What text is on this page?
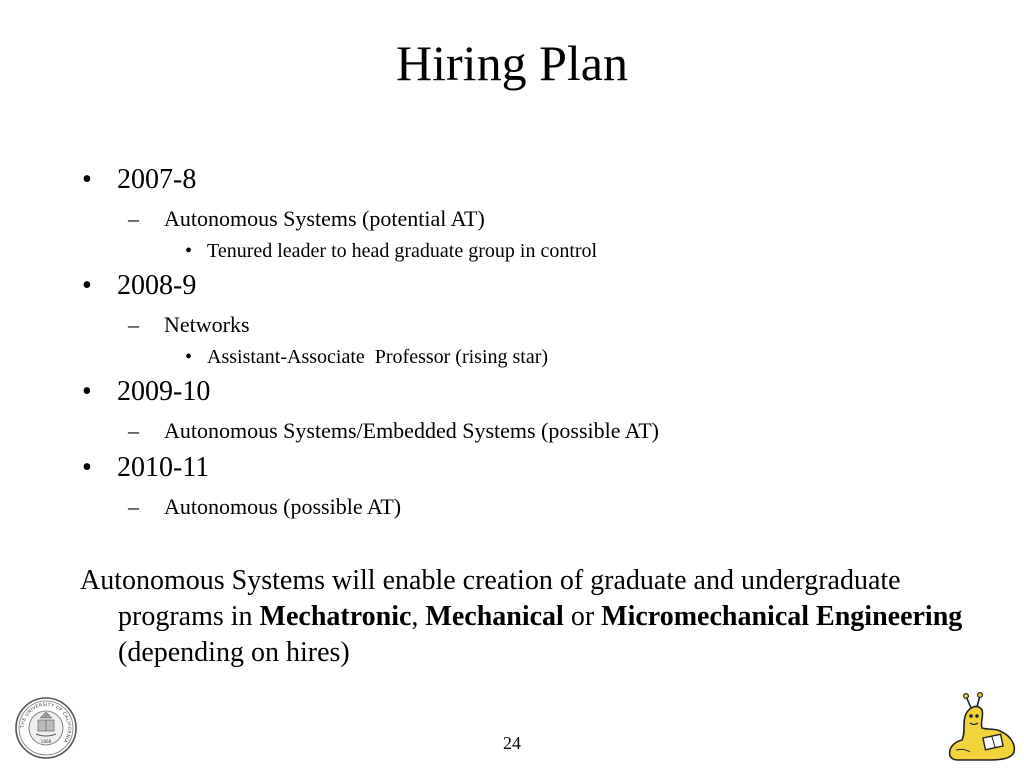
Hiring Plan
• 2007-8
– Autonomous Systems (potential AT)
• Tenured leader to head graduate group in control
• 2008-9
– Networks
• Assistant-Associate  Professor (rising star)
• 2009-10
– Autonomous Systems/Embedded Systems (possible AT)
• 2010-11
– Autonomous (possible AT)
Autonomous Systems will enable creation of graduate and undergraduate programs in Mechatronic, Mechanical or Micromechanical Engineering (depending on hires)
THE UNIVERSITY OF CALIFORNIA
1868	24
